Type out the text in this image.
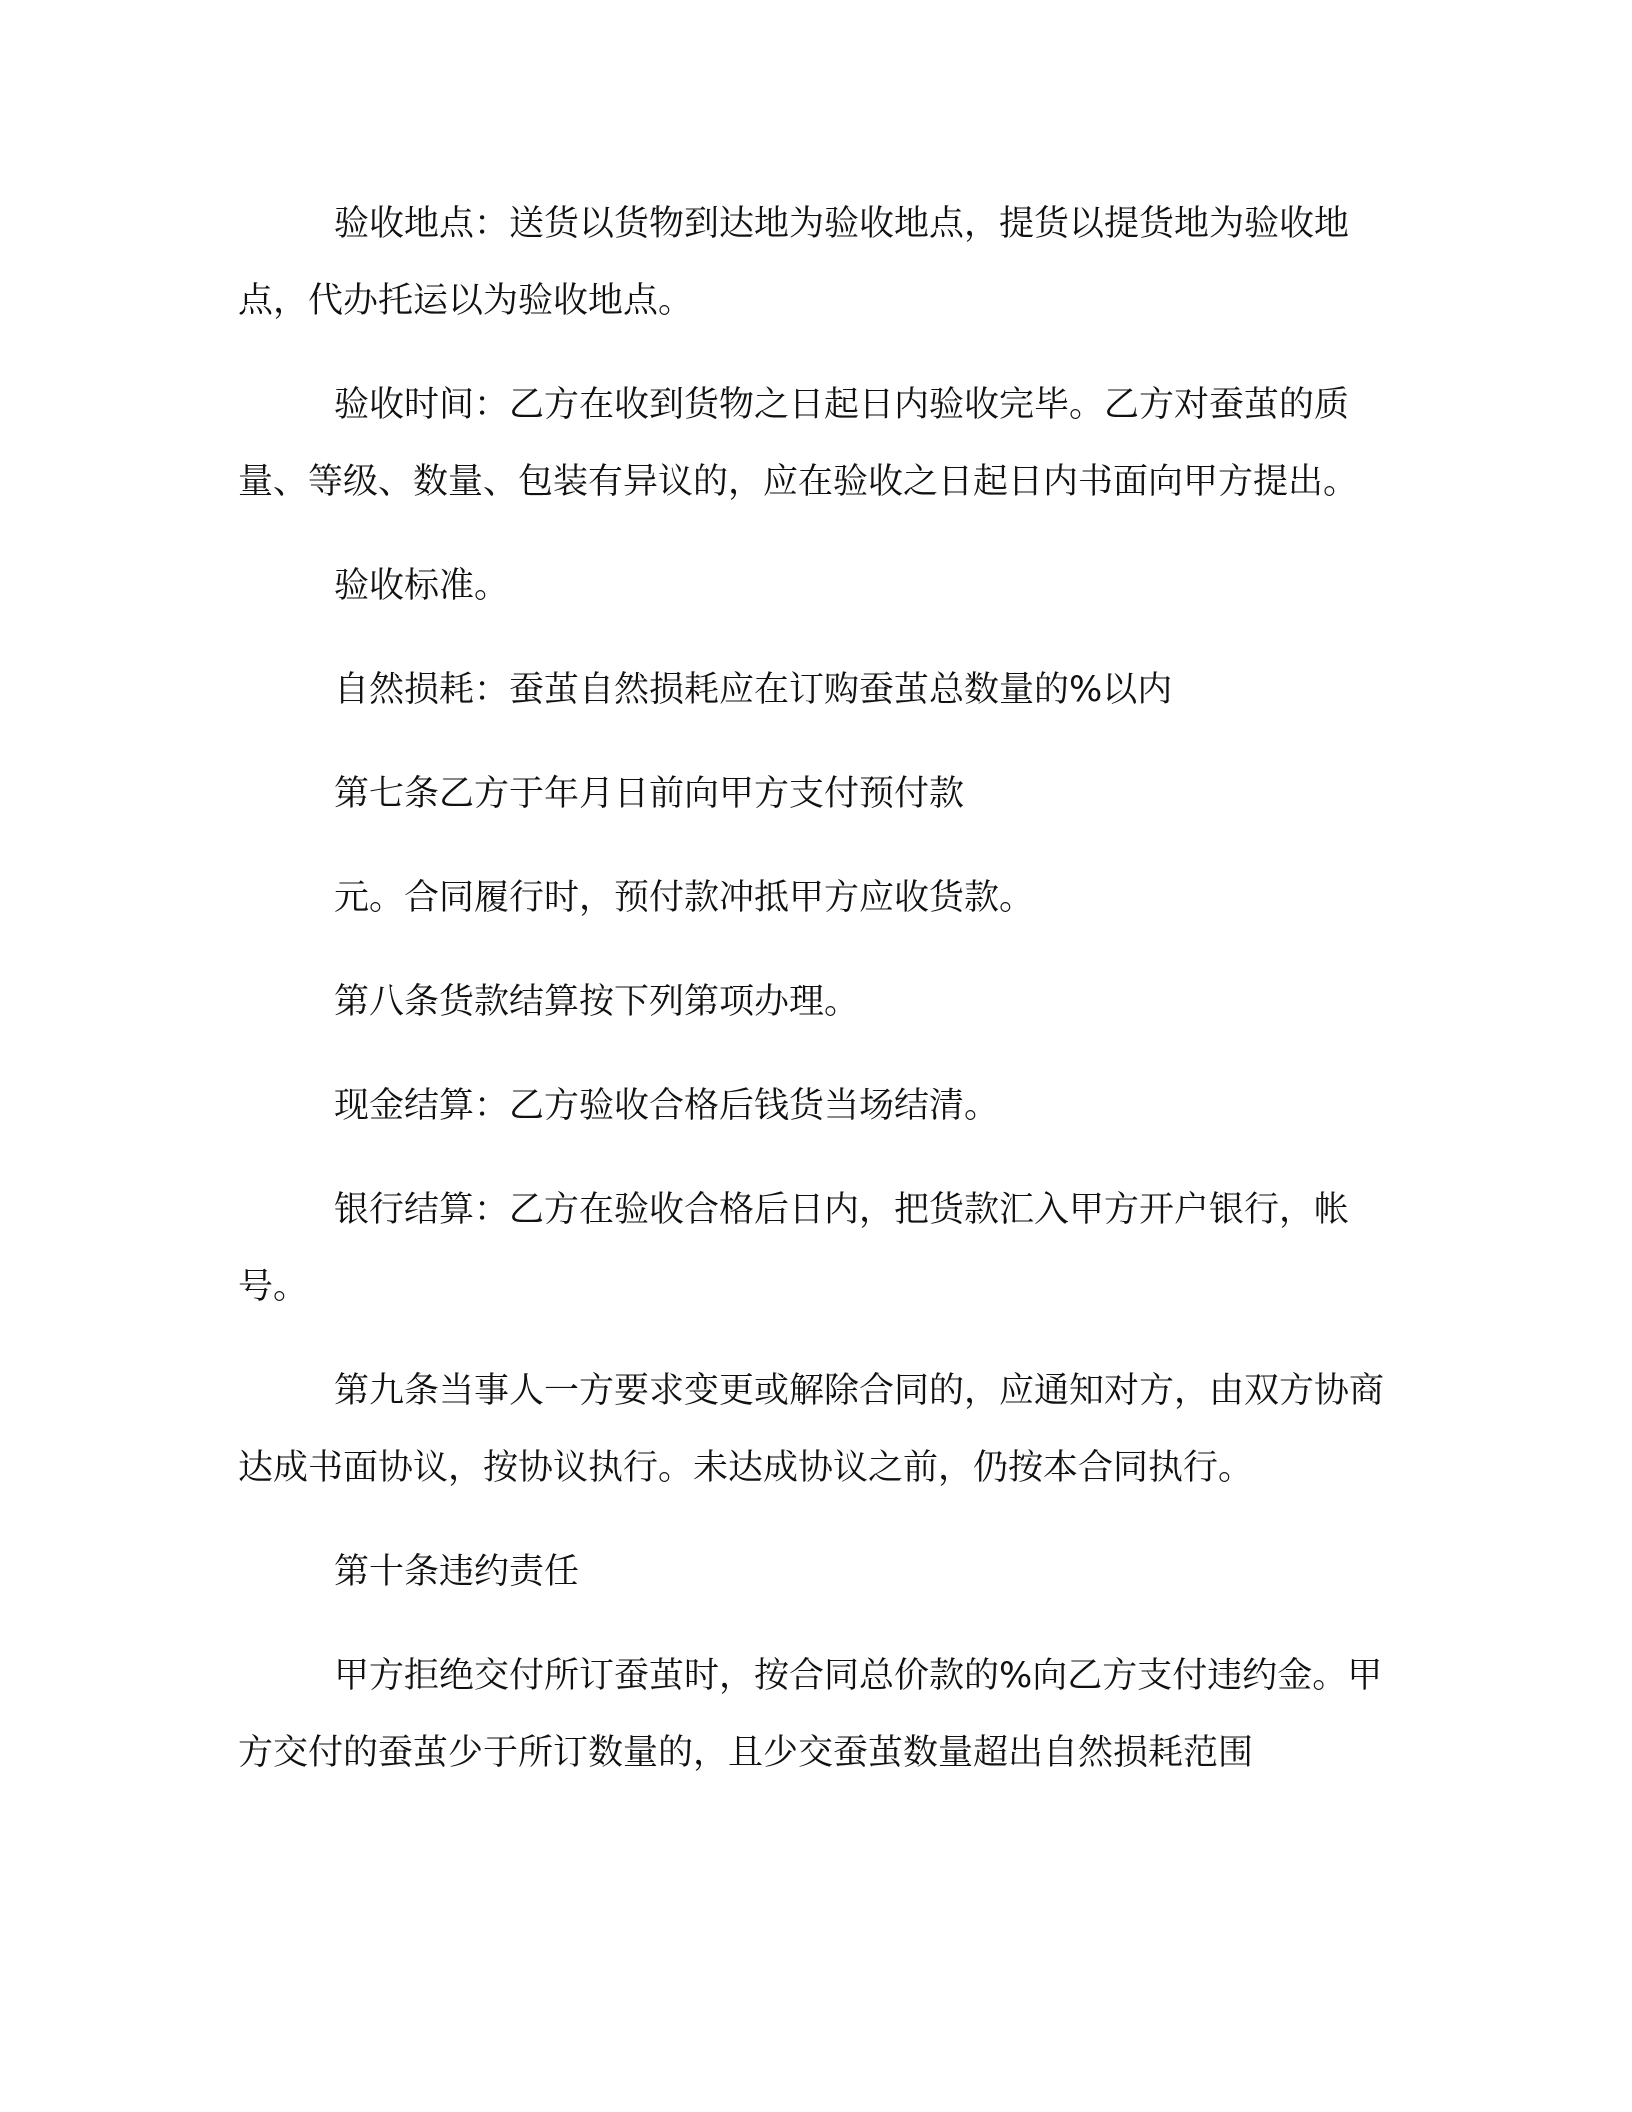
验收地点：送货以货物到达地为验收地点，提货以提货地为验收地点，代办托运以为验收地点。

验收时间：乙方在收到货物之日起日内验收完毕。乙方对蚕茧的质量、等级、数量、包装有异议的，应在验收之日起日内书面向甲方提出。

验收标准。

自然损耗：蚕茧自然损耗应在订购蚕茧总数量的%以内

第七条乙方于年月日前向甲方支付预付款

元。合同履行时，预付款冲抵甲方应收货款。

第八条货款结算按下列第项办理。

现金结算：乙方验收合格后钱货当场结清。

银行结算：乙方在验收合格后日内，把货款汇入甲方开户银行，帐号。

第九条当事人一方要求变更或解除合同的，应通知对方，由双方协商达成书面协议，按协议执行。未达成协议之前，仍按本合同执行。

第十条违约责任

甲方拒绝交付所订蚕茧时，按合同总价款的%向乙方支付违约金。甲方交付的蚕茧少于所订数量的，且少交蚕茧数量超出自然损耗范围
